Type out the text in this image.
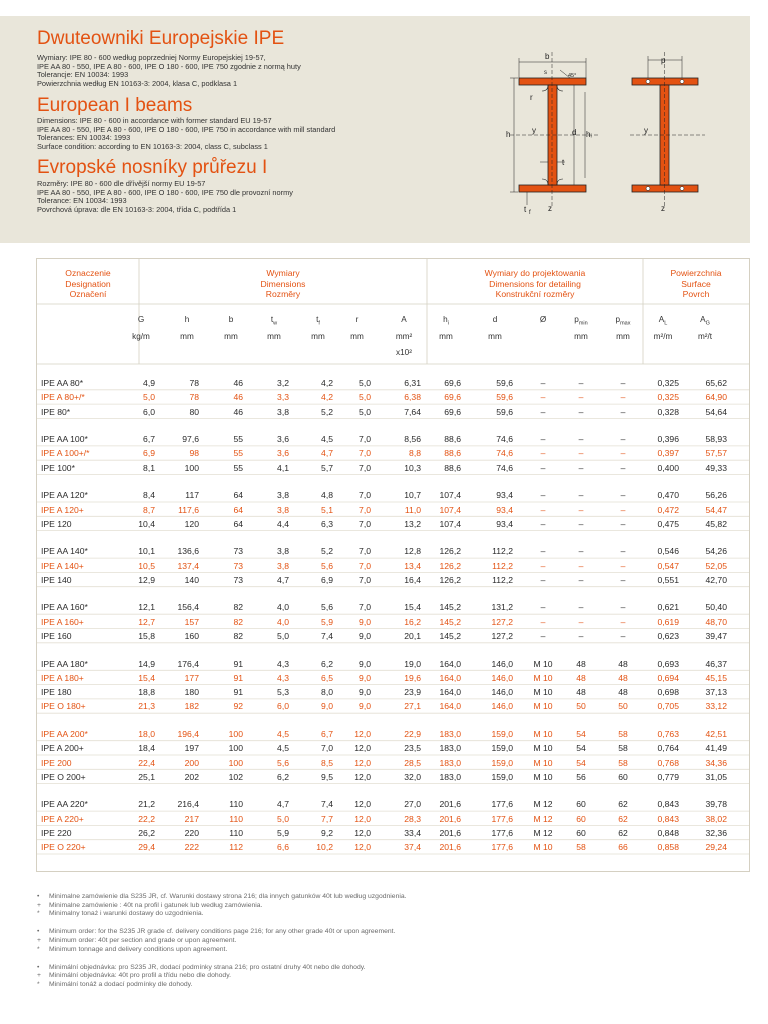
Dwuteowniki Europejskie IPE
Wymiary: IPE 80 - 600 według poprzedniej Normy Europejskiej 19-57,
IPE AA 80 - 550, IPE A 80 - 600, IPE O 180 - 600, IPE 750 zgodnie z normą huty
Tolerancje: EN 10034: 1993
Powierzchnia według EN 10163-3: 2004, klasa C, podklasa 1
European I beams
Dimensions: IPE 80 - 600 in accordance with former standard EU 19-57
IPE AA 80 - 550, IPE A 80 - 600, IPE O 180 - 600, IPE 750 in accordance with mill standard
Tolerances: EN 10034: 1993
Surface condition: according to EN 10163-3: 2004, class C, subclass 1
Evropské nosníky průřezu I
Rozměry: IPE 80 - 600 dle dřívější normy EU 19-57
IPE AA 80 - 550, IPE A 80 - 600, IPE O 180 - 600, IPE 750 dle provozní normy
Tolerance: EN 10034: 1993
Povrchová úprava: dle EN 10163-3: 2004, třída C, podtřída 1
b
s	45°
r
h	d hᵢ
y
t
t f z
p
y
z
Oznaczenie
Designation
Označení
Wymiary
Dimensions
Rozměry
Wymiary do projektowania
Dimensions for detailing
Konstrukční rozměry
Powierzchnia
Surface
Povrch
G	h	b	$t_w$	$t_f$	r	A	$h_i$	d	Ø	$p_{min}$	$p_{max}$	$A_L$	$A_G$
kg/m	mm	mm	mm	mm	mm	mm²	mm	mm	mm	mm	m²/m	m²/t
x10²
IPE AA 80*	4,9	78	46	3,2	4,2	5,0	6,31	69,6	59,6	–	–	–	0,325	65,62
IPE A 80+/*	5,0	78	46	3,3	4,2	5,0	6,38	69,6	59,6	–	–	–	0,325	64,90
IPE 80*	6,0	80	46	3,8	5,2	5,0	7,64	69,6	59,6	–	–	–	0,328	54,64
IPE AA 100*	6,7	97,6	55	3,6	4,5	7,0	8,56	88,6	74,6	–	–	–	0,396	58,93
IPE A 100+/*	6,9	98	55	3,6	4,7	7,0	8,8	88,6	74,6	–	–	–	0,397	57,57
IPE 100*	8,1	100	55	4,1	5,7	7,0	10,3	88,6	74,6	–	–	–	0,400	49,33
IPE AA 120*	8,4	117	64	3,8	4,8	7,0	10,7	107,4	93,4	–	–	–	0,470	56,26
IPE A 120+	8,7	117,6	64	3,8	5,1	7,0	11,0	107,4	93,4	–	–	–	0,472	54,47
IPE 120	10,4	120	64	4,4	6,3	7,0	13,2	107,4	93,4	–	–	–	0,475	45,82
IPE AA 140*	10,1	136,6	73	3,8	5,2	7,0	12,8	126,2	112,2	–	–	–	0,546	54,26
IPE A 140+	10,5	137,4	73	3,8	5,6	7,0	13,4	126,2	112,2	–	–	–	0,547	52,05
IPE 140	12,9	140	73	4,7	6,9	7,0	16,4	126,2	112,2	–	–	–	0,551	42,70
IPE AA 160*	12,1	156,4	82	4,0	5,6	7,0	15,4	145,2	131,2	–	–	–	0,621	50,40
IPE A 160+	12,7	157	82	4,0	5,9	9,0	16,2	145,2	127,2	–	–	–	0,619	48,70
IPE 160	15,8	160	82	5,0	7,4	9,0	20,1	145,2	127,2	–	–	–	0,623	39,47
IPE AA 180*	14,9	176,4	91	4,3	6,2	9,0	19,0	164,0	146,0	M 10	48	48	0,693	46,37
IPE A 180+	15,4	177	91	4,3	6,5	9,0	19,6	164,0	146,0	M 10	48	48	0,694	45,15
IPE 180	18,8	180	91	5,3	8,0	9,0	23,9	164,0	146,0	M 10	48	48	0,698	37,13
IPE O 180+	21,3	182	92	6,0	9,0	9,0	27,1	164,0	146,0	M 10	50	50	0,705	33,12
IPE AA 200*	18,0	196,4	100	4,5	6,7	12,0	22,9	183,0	159,0	M 10	54	58	0,763	42,51
IPE A 200+	18,4	197	100	4,5	7,0	12,0	23,5	183,0	159,0	M 10	54	58	0,764	41,49
IPE 200	22,4	200	100	5,6	8,5	12,0	28,5	183,0	159,0	M 10	54	58	0,768	34,36
IPE O 200+	25,1	202	102	6,2	9,5	12,0	32,0	183,0	159,0	M 10	56	60	0,779	31,05
IPE AA 220*	21,2	216,4	110	4,7	7,4	12,0	27,0	201,6	177,6	M 12	60	62	0,843	39,78
IPE A 220+	22,2	217	110	5,0	7,7	12,0	28,3	201,6	177,6	M 12	60	62	0,843	38,02
IPE 220	26,2	220	110	5,9	9,2	12,0	33,4	201,6	177,6	M 12	60	62	0,848	32,36
IPE O 220+	29,4	222	112	6,6	10,2	12,0	37,4	201,6	177,6	M 10	58	66	0,858	29,24
• Minimalne zamówienie dla S235 JR, cf. Warunki dostawy strona 216; dla innych gatunków 40t lub według uzgodnienia.
+ Minimalne zamówienie : 40t na profil i gatunek lub według zamówienia.
* Minimalny tonaż i warunki dostawy do uzgodnienia.
• Minimum order: for the S235 JR grade cf. delivery conditions page 216; for any other grade 40t or upon agreement.
+ Minimum order: 40t per section and grade or upon agreement.
* Minimum tonnage and delivery conditions upon agreement.
• Minimální objednávka: pro S235 JR, dodací podmínky strana 216; pro ostatní druhy 40t nebo dle dohody.
+ Minimální objednávka: 40t pro profil a třídu nebo dle dohody.
* Minimální tonáž a dodací podmínky dle dohody.
